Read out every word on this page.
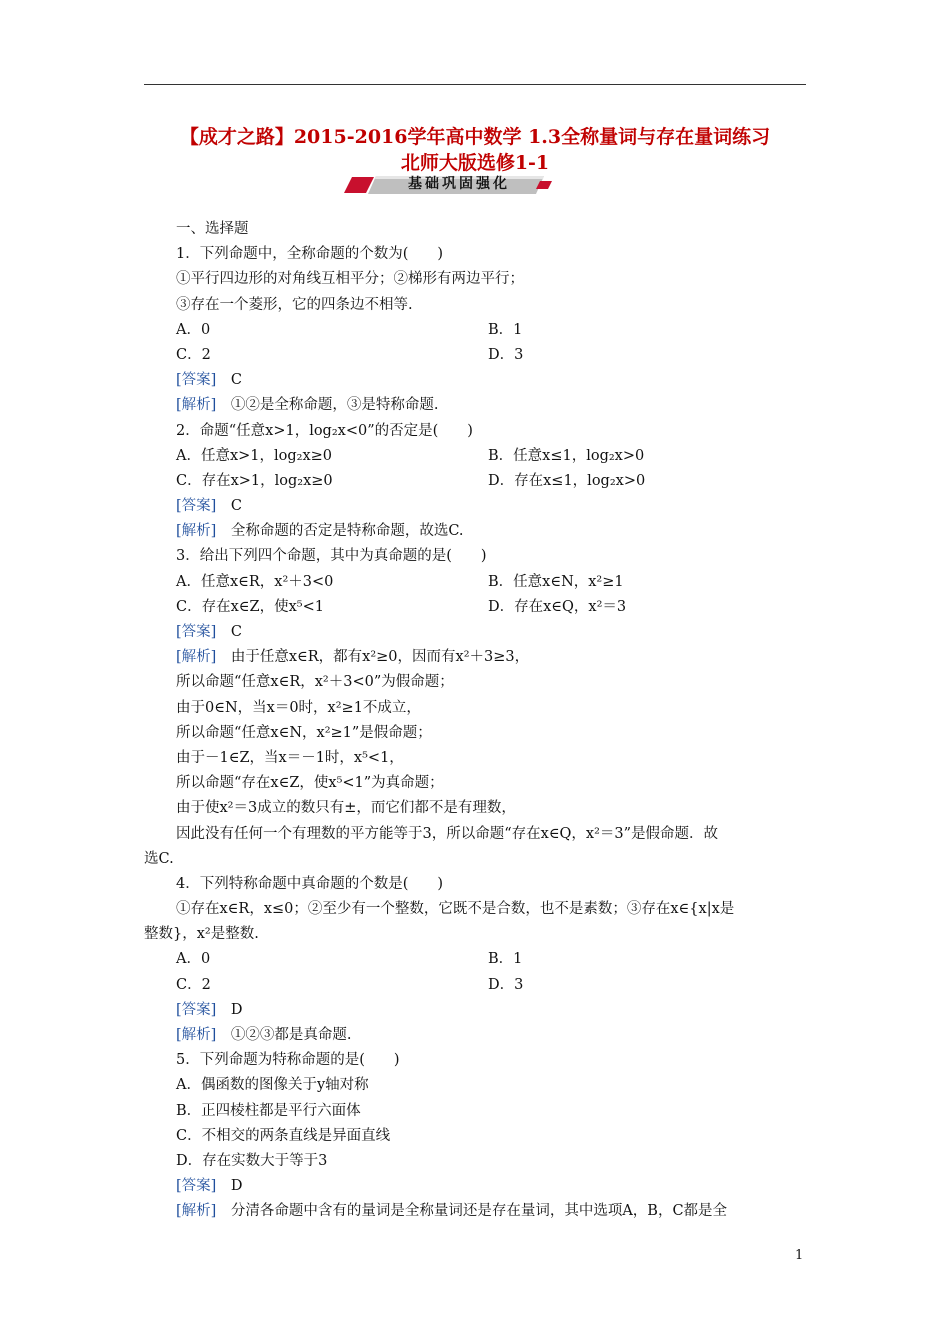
【成才之路】2015-2016学年高中数学 1.3全称量词与存在量词练习
北师大版选修1-1
基础巩固强化
一、选择题
1．下列命题中，全称命题的个数为(　　)
①平行四边形的对角线互相平分；②梯形有两边平行；
③存在一个菱形，它的四条边不相等.
A．0	B．1
C．2	D．3
[答案]　C
[解析]　①②是全称命题，③是特称命题.
2．命题“任意x>1，log₂x<0”的否定是(　　)
A．任意x>1，log₂x≥0	B．任意x≤1，log₂x>0
C．存在x>1，log₂x≥0	D．存在x≤1，log₂x>0
[答案]　C
[解析]　全称命题的否定是特称命题，故选C.
3．给出下列四个命题，其中为真命题的是(　　)
A．任意x∈R，x²＋3<0	B．任意x∈N，x²≥1
C．存在x∈Z，使x⁵<1	D．存在x∈Q，x²＝3
[答案]　C
[解析]　由于任意x∈R，都有x²≥0，因而有x²＋3≥3，
所以命题“任意x∈R，x²＋3<0”为假命题；
由于0∈N，当x＝0时，x²≥1不成立，
所以命题“任意x∈N，x²≥1”是假命题；
由于－1∈Z，当x＝－1时，x⁵<1，
所以命题“存在x∈Z，使x⁵<1”为真命题；
由于使x²＝3成立的数只有±，而它们都不是有理数，
因此没有任何一个有理数的平方能等于3，所以命题“存在x∈Q，x²＝3”是假命题．故
选C.
4．下列特称命题中真命题的个数是(　　)
①存在x∈R，x≤0；②至少有一个整数，它既不是合数，也不是素数；③存在x∈{x|x是
整数}，x²是整数.
A．0	B．1
C．2	D．3
[答案]　D
[解析]　①②③都是真命题.
5．下列命题为特称命题的是(　　)
A．偶函数的图像关于y轴对称
B．正四棱柱都是平行六面体
C．不相交的两条直线是异面直线
D．存在实数大于等于3
[答案]　D
[解析]　分清各命题中含有的量词是全称量词还是存在量词，其中选项A，B，C都是全
1
